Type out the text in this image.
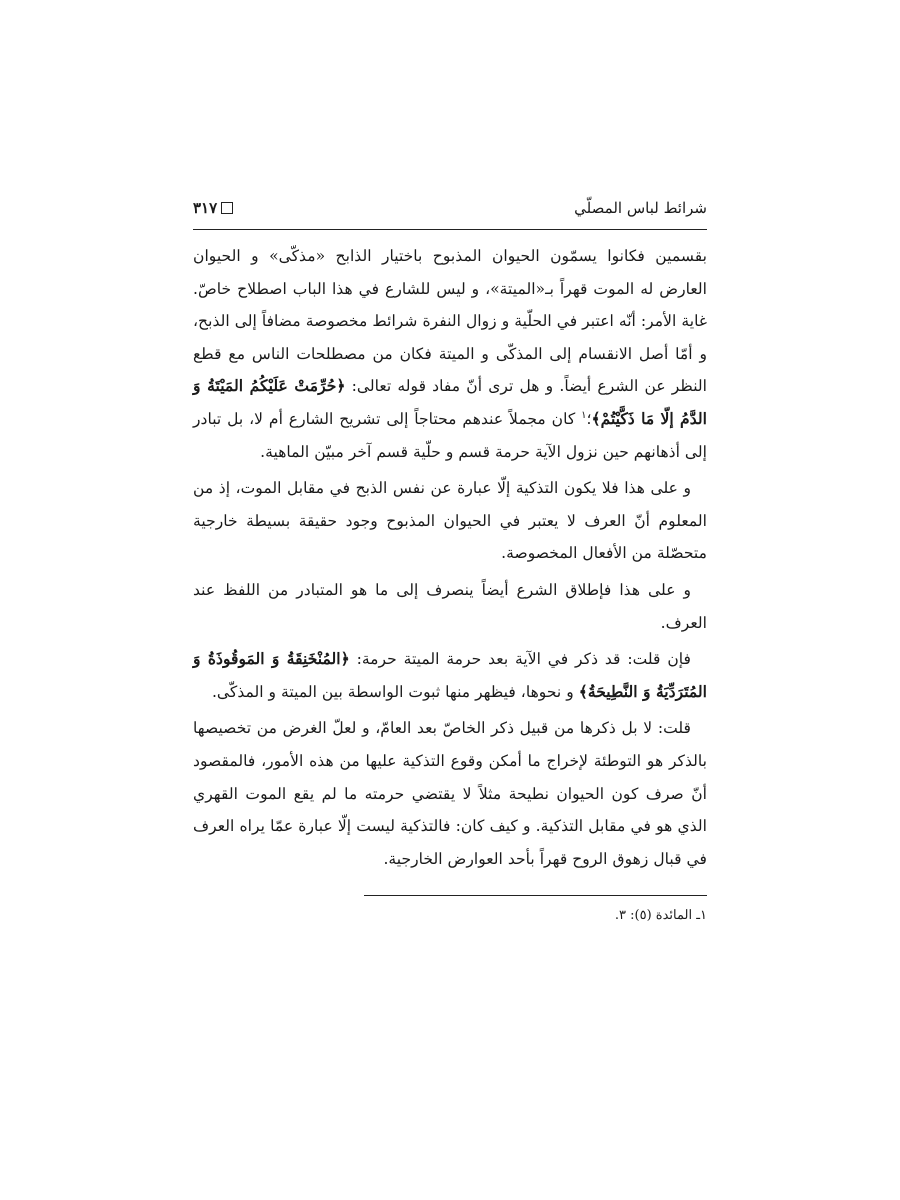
شرائط لباس المصلّي
٣١٧

بقسمين فكانوا يسمّون الحيوان المذبوح باختيار الذابح «مذكّى» و الحيوان العارض له الموت قهراً بـ«الميتة»، و ليس للشارع في هذا الباب اصطلاح خاصّ. غاية الأمر: أنّه اعتبر في الحلّية و زوال النفرة شرائط مخصوصة مضافاً إلى الذبح، و أمّا أصل الانقسام إلى المذكّى و الميتة فكان من مصطلحات الناس مع قطع النظر عن الشرع أيضاً. و هل ترى أنّ مفاد قوله تعالى: ﴿حُرِّمَتْ عَلَيْكُمُ المَيْتَةُ وَ الدَّمُ إلّا مَا ذَكَّيْتُمْ﴾؛$^١$ كان مجملاً عندهم محتاجاً إلى تشريح الشارع أم لا، بل تبادر إلى أذهانهم حين نزول الآية حرمة قسم و حلّية قسم آخر مبيّن الماهية.

و على هذا فلا يكون التذكية إلّا عبارة عن نفس الذبح في مقابل الموت، إذ من المعلوم أنّ العرف لا يعتبر في الحيوان المذبوح وجود حقيقة بسيطة خارجية متحصّلة من الأفعال المخصوصة.

و على هذا فإطلاق الشرع أيضاً ينصرف إلى ما هو المتبادر من اللفظ عند العرف.

فإن قلت: قد ذكر في الآية بعد حرمة الميتة حرمة: ﴿المُنْخَنِقَةُ وَ المَوقُوذَةُ وَ المُتَرَدِّيَةُ وَ النَّطِيحَةُ﴾ و نحوها، فيظهر منها ثبوت الواسطة بين الميتة و المذكّى.

قلت: لا بل ذكرها من قبيل ذكر الخاصّ بعد العامّ، و لعلّ الغرض من تخصيصها بالذكر هو التوطئة لإخراج ما أمكن وقوع التذكية عليها من هذه الأمور، فالمقصود أنّ صرف كون الحيوان نطيحة مثلاً لا يقتضي حرمته ما لم يقع الموت القهري الذي هو في مقابل التذكية. و كيف كان: فالتذكية ليست إلّا عبارة عمّا يراه العرف في قبال زهوق الروح قهراً بأحد العوارض الخارجية.

١ـ المائدة (٥): ٣.
